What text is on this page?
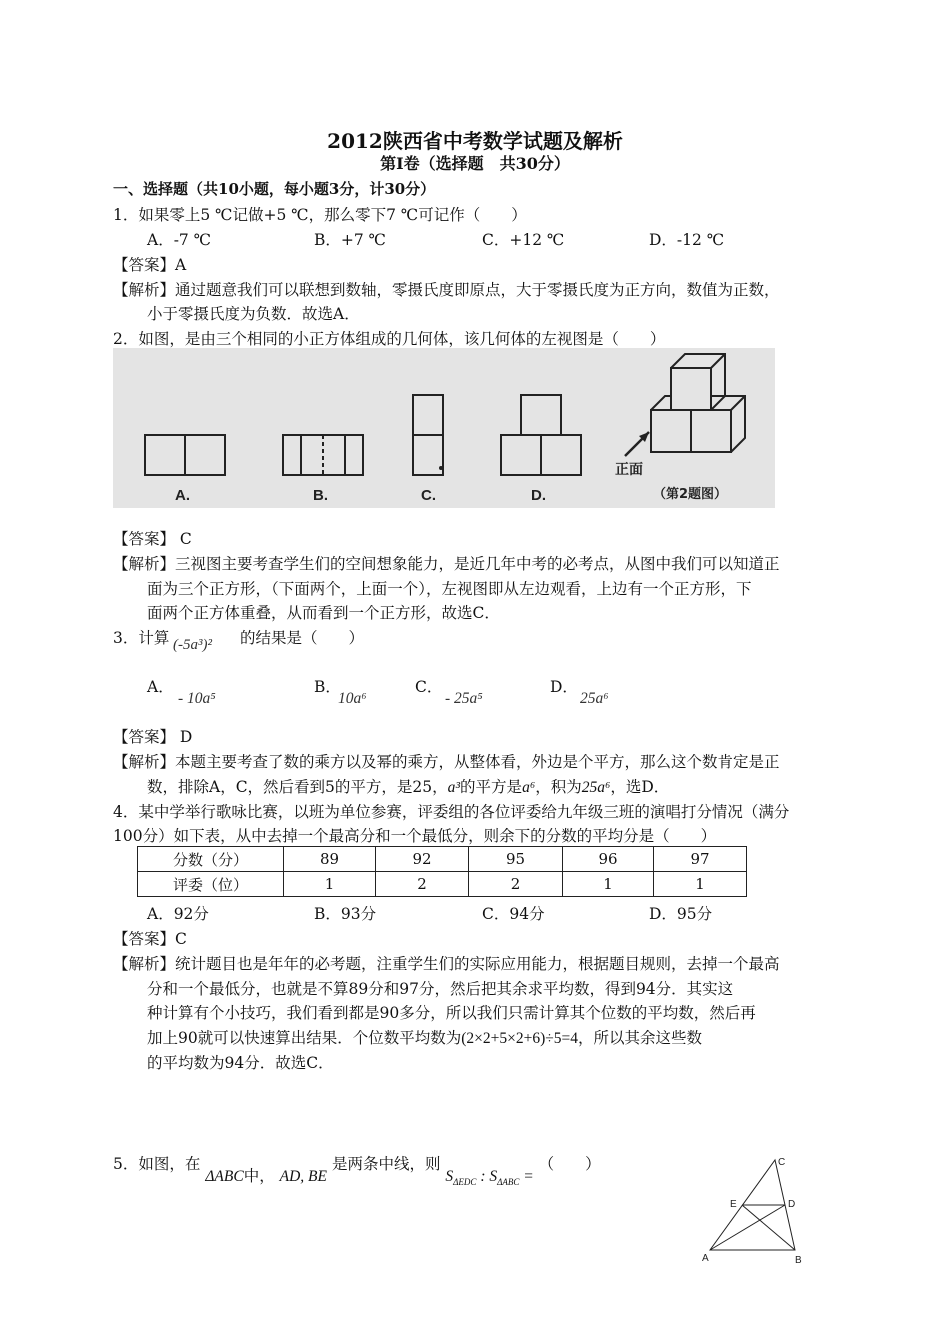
2012陕西省中考数学试题及解析
第Ⅰ卷（选择题　共30分）
一、选择题（共10小题，每小题3分，计30分）
1．如果零上5 ℃记做+5 ℃，那么零下7 ℃可记作（　　）
A．-7 ℃	B．+7 ℃	C．+12 ℃	D．-12 ℃
【答案】A
【解析】通过题意我们可以联想到数轴，零摄氏度即原点，大于零摄氏度为正方向，数值为正数，
小于零摄氏度为负数．故选A．
2．如图，是由三个相同的小正方体组成的几何体，该几何体的左视图是（　　）
A.	B.	C.	D.
正面
（第2题图）
【答案】 C
【解析】三视图主要考查学生们的空间想象能力，是近几年中考的必考点，从图中我们可以知道正
面为三个正方形，（下面两个，上面一个），左视图即从左边观看，上边有一个正方形，下
面两个正方体重叠，从而看到一个正方形，故选C．
3．计算 (-5a³)² 的结果是（　　）
A．
- 10a⁵
B．
10a⁶
C．
- 25a⁵
D．
25a⁶
【答案】 D
【解析】本题主要考查了数的乘方以及幂的乘方，从整体看，外边是个平方，那么这个数肯定是正
数，排除A，C，然后看到5的平方，是25，a³的平方是a⁶，积为25a⁶，选D．
4．某中学举行歌咏比赛，以班为单位参赛，评委组的各位评委给九年级三班的演唱打分情况（满分
100分）如下表，从中去掉一个最高分和一个最低分，则余下的分数的平均分是（　　）
分数（分）	89	92	95	96	97
评委（位）	1	2	2	1	1
A．92分	B．93分	C．94分	D．95分
【答案】C
【解析】统计题目也是年年的必考题，注重学生们的实际应用能力，根据题目规则，去掉一个最高
分和一个最低分，也就是不算89分和97分，然后把其余求平均数，得到94分．其实这
种计算有个小技巧，我们看到都是90多分，所以我们只需计算其个位数的平均数，然后再
加上90就可以快速算出结果．个位数平均数为(2×2+5×2+6)÷5=4，所以其余这些数
的平均数为94分．故选C．
5．如图，在 ΔABC中， AD, BE 是两条中线，则 $S_{\Delta EDC}$ : $S_{\Delta ABC}$ = （　　）
A	B
C
D
E
